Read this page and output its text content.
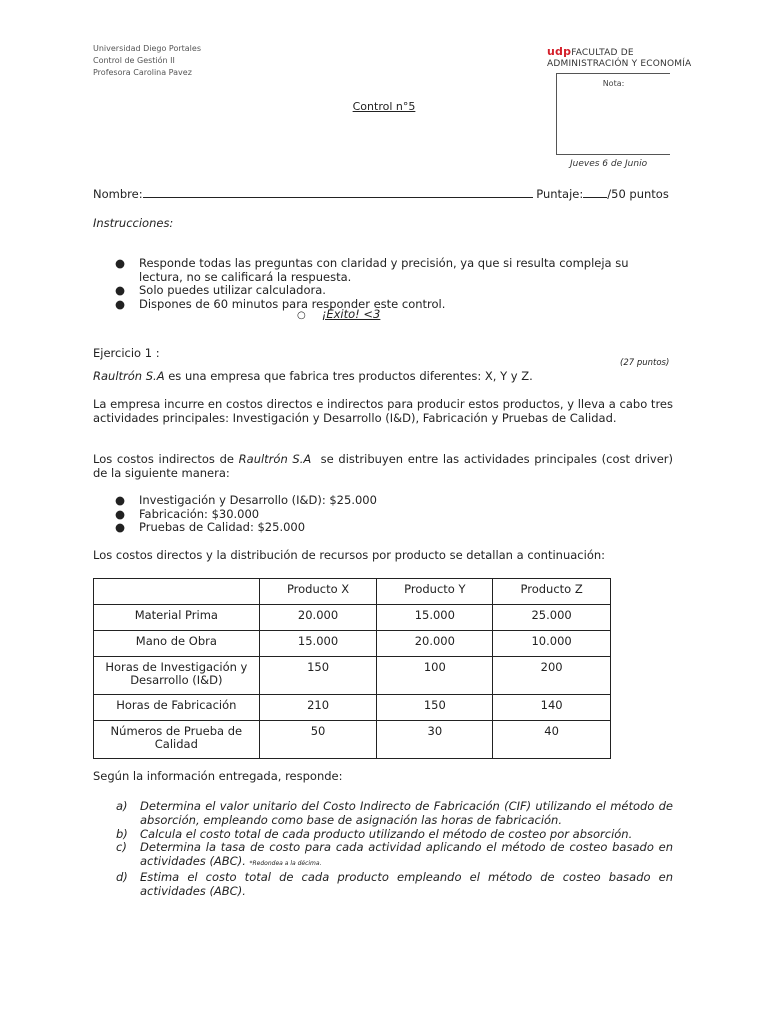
Universidad Diego Portales
Control de Gestión II
Profesora Carolina Pavez
udpFACULTAD DE
ADMINISTRACIÓN Y ECONOMÍA
Nota:
Jueves 6 de Junio
Control n°5
Nombre:	Puntaje: /50 puntos
Instrucciones:
● Responde todas las preguntas con claridad y precisión, ya que si resulta compleja su lectura, no se calificará la respuesta.
● Solo puedes utilizar calculadora.
● Dispones de 60 minutos para responder este control.
○ ¡Éxito! <3
Ejercicio 1 :
(27 puntos)
Raultrón S.A es una empresa que fabrica tres productos diferentes: X, Y y Z.
La empresa incurre en costos directos e indirectos para producir estos productos, y lleva a cabo tres actividades principales: Investigación y Desarrollo (I&D), Fabricación y Pruebas de Calidad.
Los costos indirectos de Raultrón S.A  se distribuyen entre las actividades principales (cost driver) de la siguiente manera:
● Investigación y Desarrollo (I&D): $25.000
● Fabricación: $30.000
● Pruebas de Calidad: $25.000
Los costos directos y la distribución de recursos por producto se detallan a continuación:
	Producto X	Producto Y	Producto Z
Material Prima	20.000	15.000	25.000
Mano de Obra	15.000	20.000	10.000
Horas de Investigación y Desarrollo (I&D)	150	100	200
Horas de Fabricación	210	150	140
Números de Prueba de Calidad	50	30	40
Según la información entregada, responde:
a) Determina el valor unitario del Costo Indirecto de Fabricación (CIF) utilizando el método de absorción, empleando como base de asignación las horas de fabricación.
b) Calcula el costo total de cada producto utilizando el método de costeo por absorción.
c) Determina la tasa de costo para cada actividad aplicando el método de costeo basado en actividades (ABC). *Redondea a la décima.
d) Estima el costo total de cada producto empleando el método de costeo basado en actividades (ABC).
